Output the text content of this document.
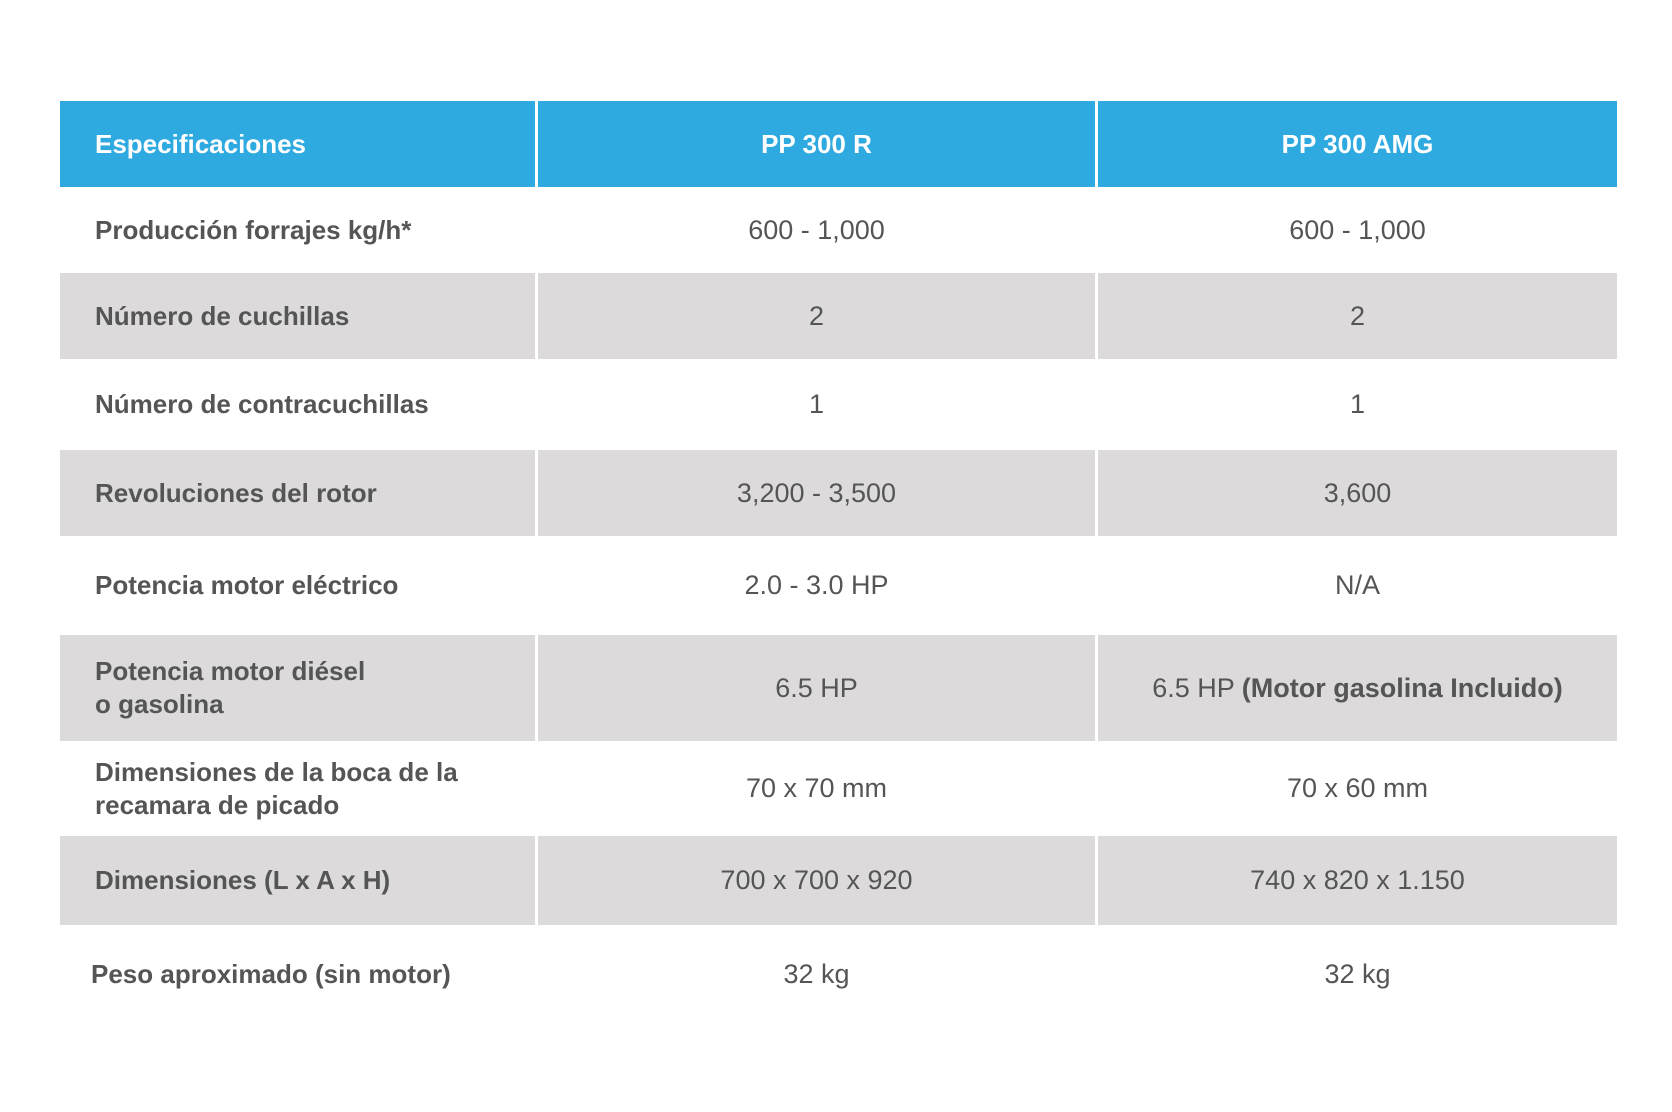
Especificaciones	PP 300 R	PP 300 AMG

Producción forrajes kg/h*	600 - 1,000	600 - 1,000

Número de cuchillas	2	2

Número de contracuchillas	1	1

Revoluciones del rotor	3,200 - 3,500	3,600

Potencia motor eléctrico	2.0 - 3.0 HP	N/A

Potencia motor diésel
o gasolina	6.5 HP	6.5 HP (Motor gasolina Incluido)

Dimensiones de la boca de la
recamara de picado	70 x 70 mm	70 x 60 mm

Dimensiones (L x A x H)	700 x 700 x 920	740 x 820 x 1.150

Peso aproximado (sin motor)	32 kg	32 kg
